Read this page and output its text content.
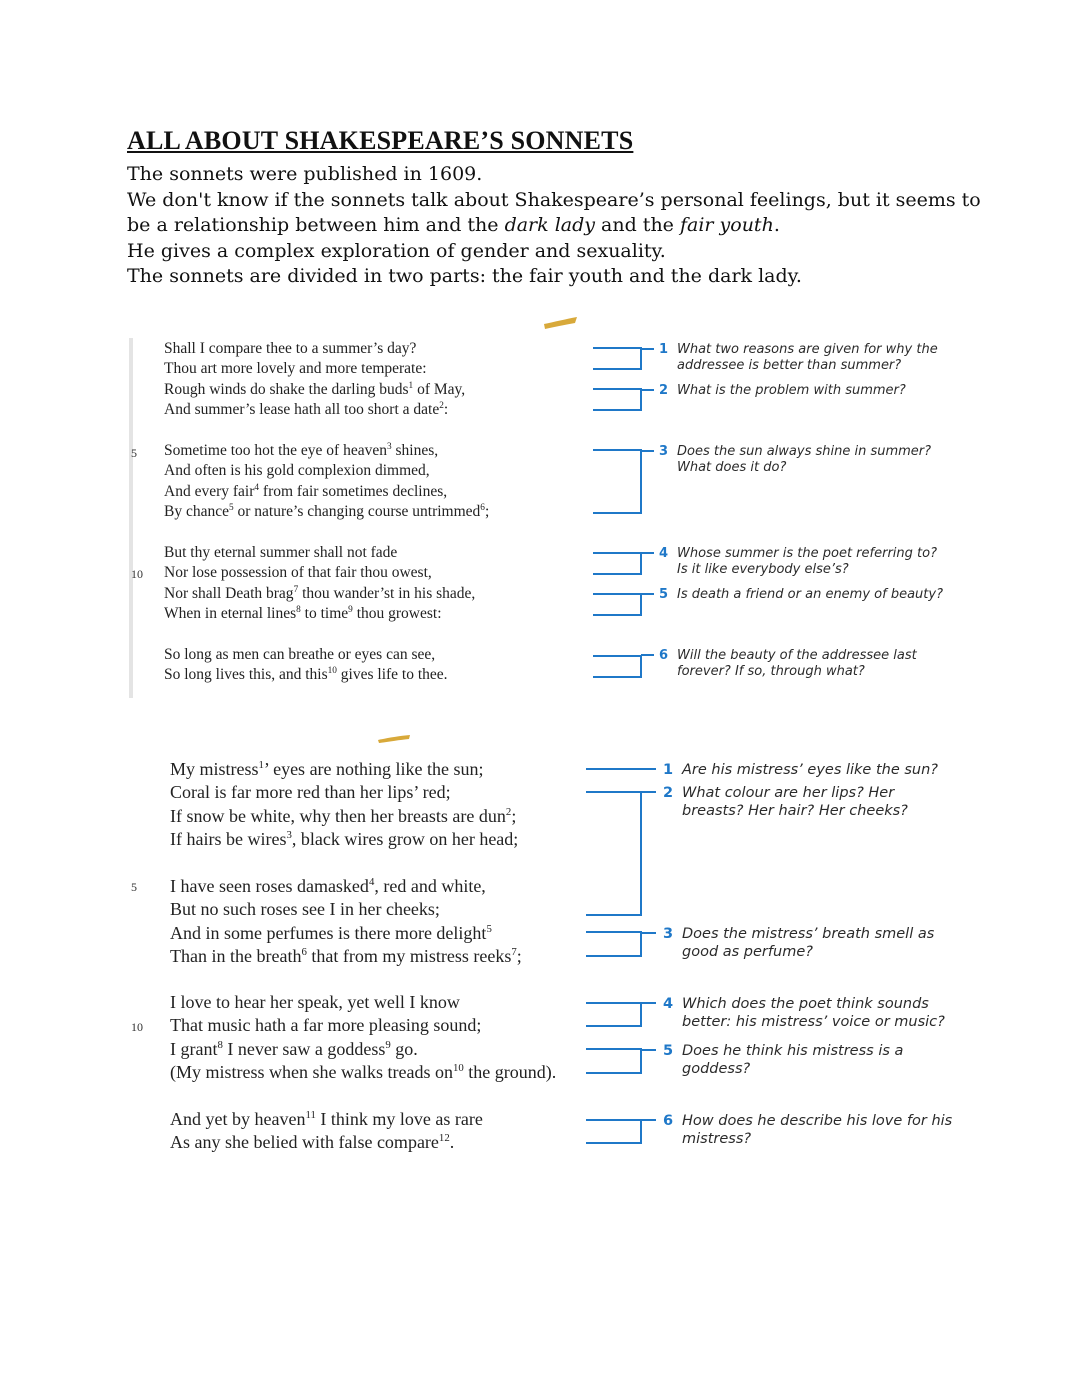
ALL ABOUT SHAKESPEARE’S SONNETS

The sonnets were published in 1609.

We don't know if the sonnets talk about Shakespeare’s personal feelings, but it seems to be a relationship between him and the dark lady and the fair youth.

He gives a complex exploration of gender and sexuality.

The sonnets are divided in two parts: the fair youth and the dark lady.

5
10
Shall I compare thee to a summer’s day?
Thou art more lovely and more temperate:
Rough winds do shake the darling buds$^1$ of May,
And summer’s lease hath all too short a date$^2$:
Sometime too hot the eye of heaven$^3$ shines,
And often is his gold complexion dimmed,
And every fair$^4$ from fair sometimes declines,
By chance$^5$ or nature’s changing course untrimmed$^6$;
But thy eternal summer shall not fade
Nor lose possession of that fair thou owest,
Nor shall Death brag$^7$ thou wander’st in his shade,
When in eternal lines$^8$ to time$^9$ thou growest:
So long as men can breathe or eyes can see,
So long lives this, and this$^{10}$ gives life to thee.
1 What two reasons are given for why the addressee is better than summer?
2 What is the problem with summer?
3 Does the sun always shine in summer? What does it do?
4 Whose summer is the poet referring to? Is it like everybody else’s?
5 Is death a friend or an enemy of beauty?
6 Will the beauty of the addressee last forever? If so, through what?
5
10
My mistress$^1$’ eyes are nothing like the sun;
Coral is far more red than her lips’ red;
If snow be white, why then her breasts are dun$^2$;
If hairs be wires$^3$, black wires grow on her head;
I have seen roses damasked$^4$, red and white,
But no such roses see I in her cheeks;
And in some perfumes is there more delight$^5$
Than in the breath$^6$ that from my mistress reeks$^7$;
I love to hear her speak, yet well I know
That music hath a far more pleasing sound;
I grant$^8$ I never saw a goddess$^9$ go.
(My mistress when she walks treads $on^{10}$ the ground).
And yet by heaven$^{11}$ I think my love as rare
As any she belied with false compare$^{12}$.
1 Are his mistress’ eyes like the sun?
2 What colour are her lips? Her breasts? Her hair? Her cheeks?
3 Does the mistress’ breath smell as good as perfume?
4 Which does the poet think sounds better: his mistress’ voice or music?
5 Does he think his mistress is a goddess?
6 How does he describe his love for his mistress?
